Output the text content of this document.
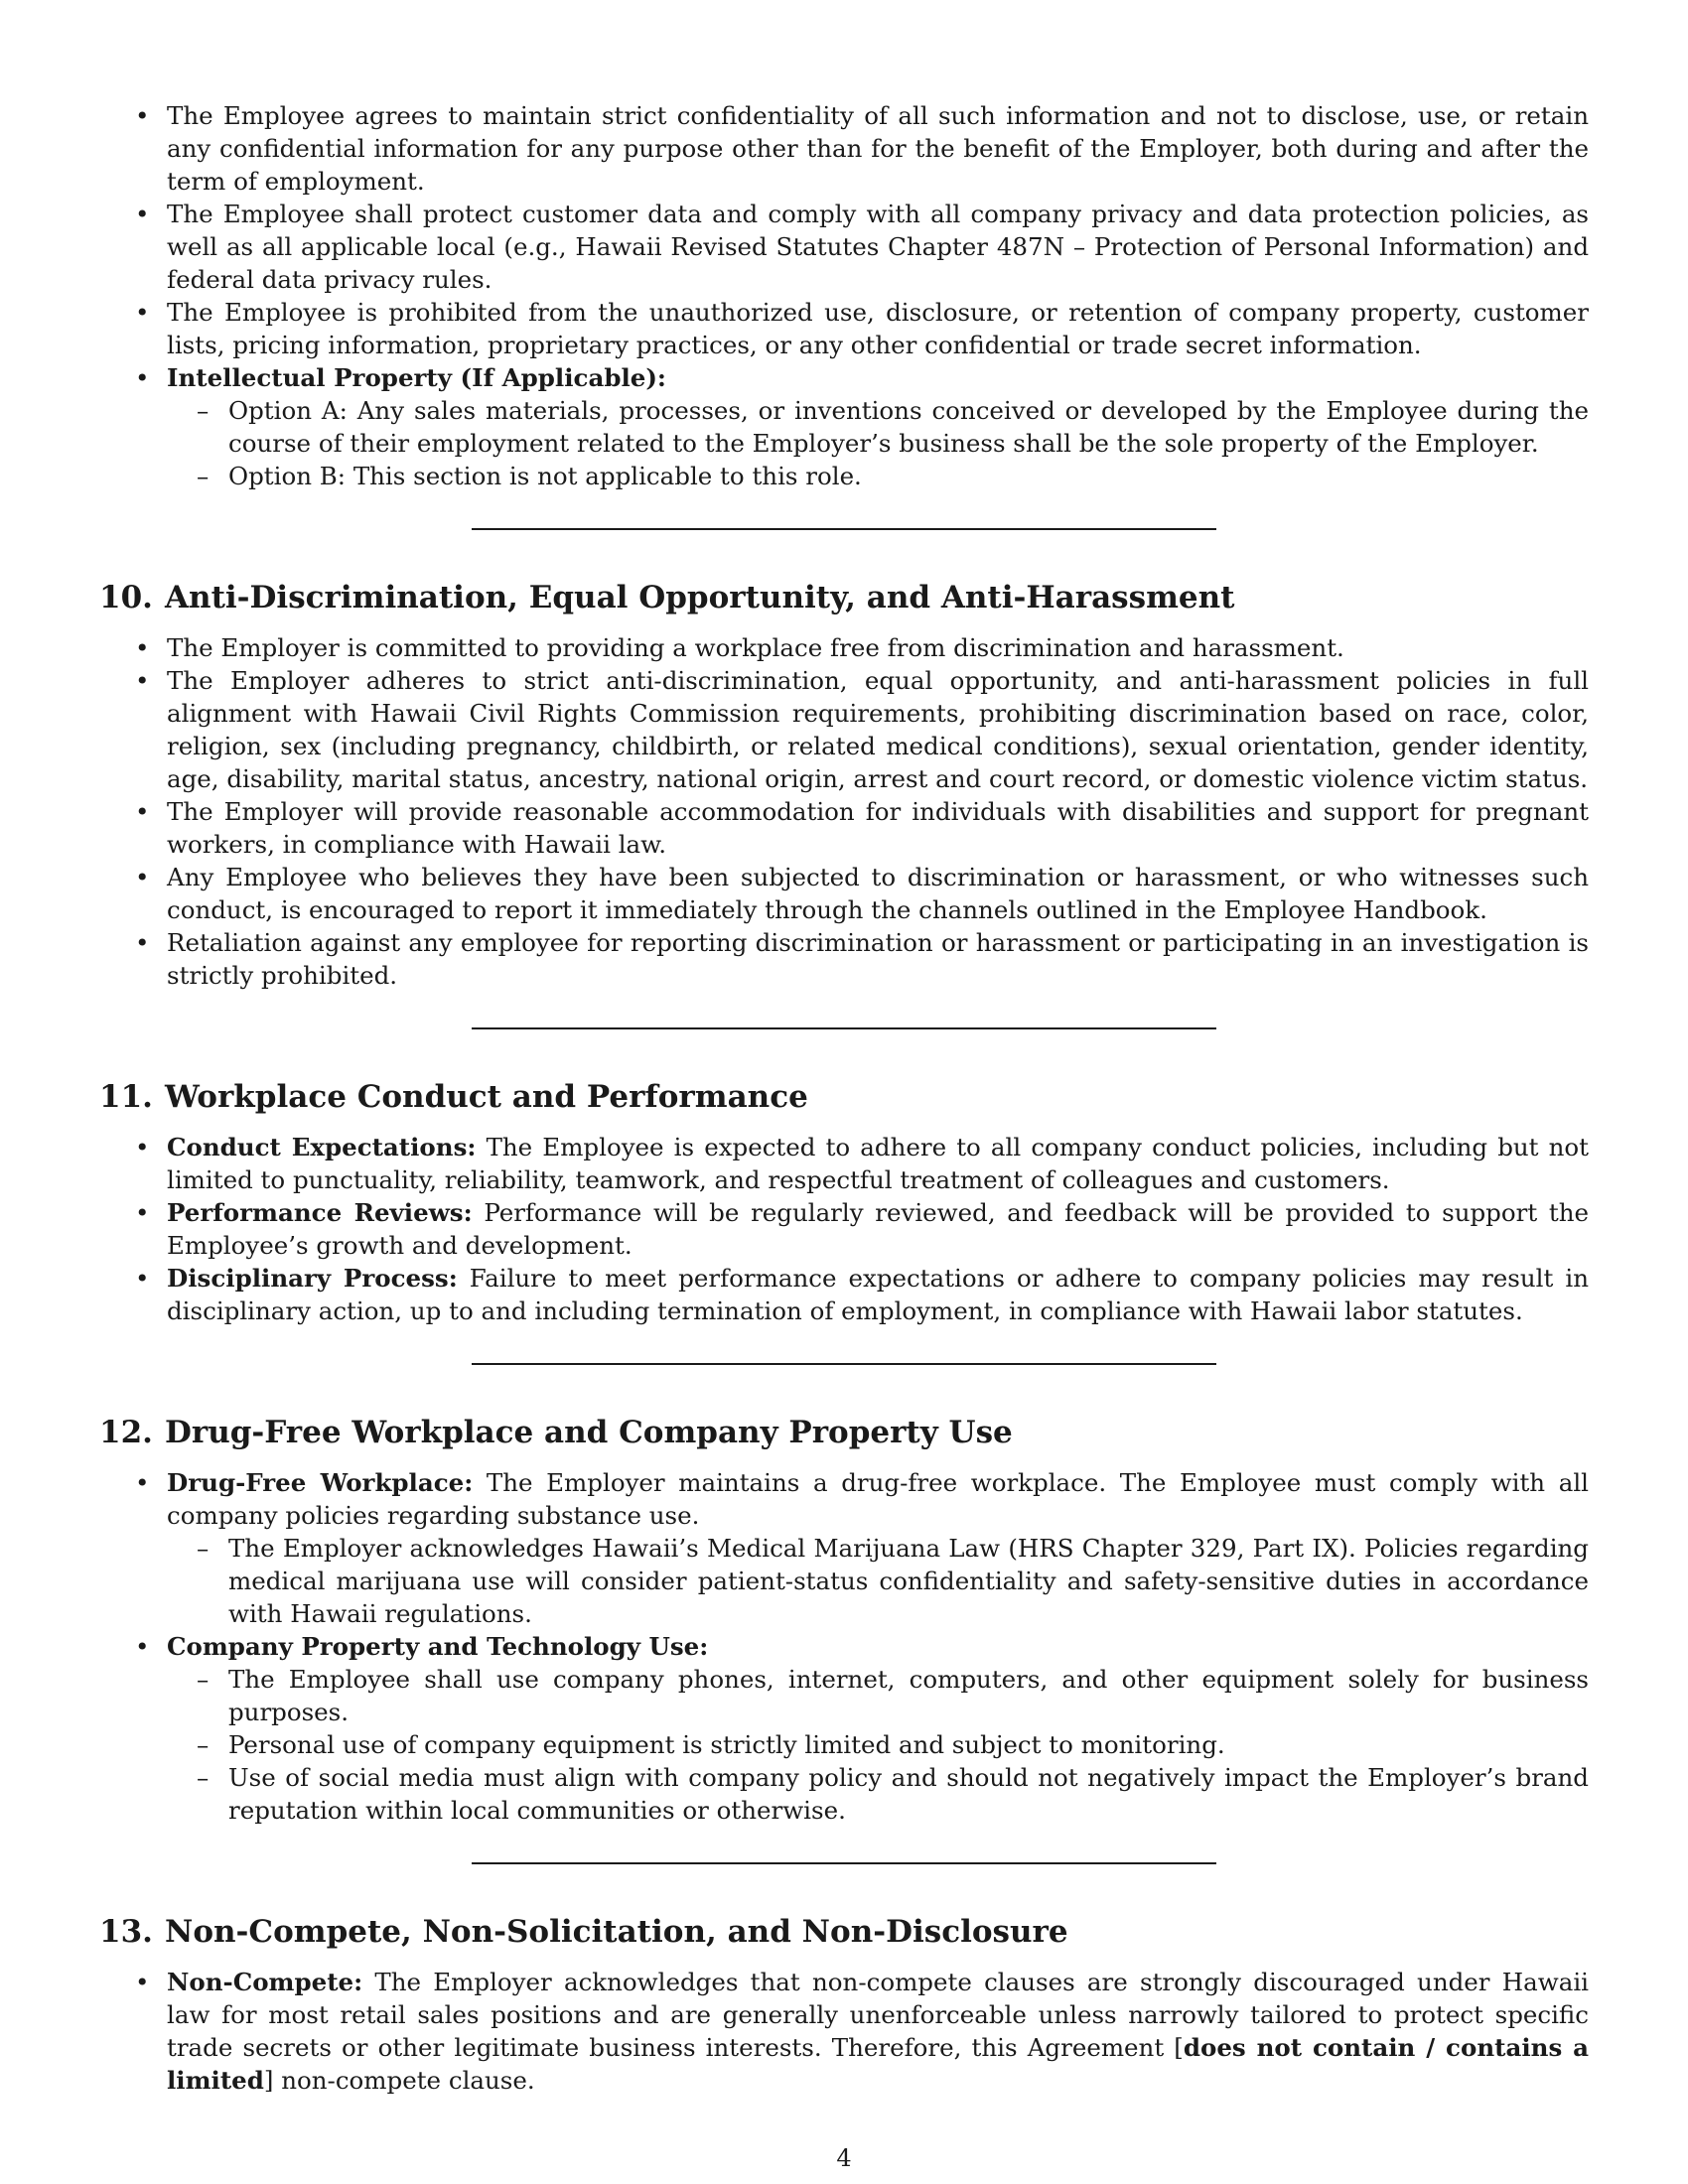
• The Employee agrees to maintain strict confidentiality of all such information and not to disclose, use, or retain any confidential information for any purpose other than for the benefit of the Employer, both during and after the term of employment.
• The Employee shall protect customer data and comply with all company privacy and data protection policies, as well as all applicable local (e.g., Hawaii Revised Statutes Chapter 487N – Protection of Personal Information) and federal data privacy rules.
• The Employee is prohibited from the unauthorized use, disclosure, or retention of company property, customer lists, pricing information, proprietary practices, or any other confidential or trade secret information.
• Intellectual Property (If Applicable):
– Option A: Any sales materials, processes, or inventions conceived or developed by the Employee during the course of their employment related to the Employer’s business shall be the sole property of the Employer.
– Option B: This section is not applicable to this role.
10. Anti-Discrimination, Equal Opportunity, and Anti-Harassment
• The Employer is committed to providing a workplace free from discrimination and harassment.
• The Employer adheres to strict anti-discrimination, equal opportunity, and anti-harassment policies in full alignment with Hawaii Civil Rights Commission requirements, prohibiting discrimination based on race, color, religion, sex (including pregnancy, childbirth, or related medical conditions), sexual orientation, gender identity, age, disability, marital status, ancestry, national origin, arrest and court record, or domestic violence victim status.
• The Employer will provide reasonable accommodation for individuals with disabilities and support for pregnant workers, in compliance with Hawaii law.
• Any Employee who believes they have been subjected to discrimination or harassment, or who witnesses such conduct, is encouraged to report it immediately through the channels outlined in the Employee Handbook.
• Retaliation against any employee for reporting discrimination or harassment or participating in an investigation is strictly prohibited.
11. Workplace Conduct and Performance
• Conduct Expectations: The Employee is expected to adhere to all company conduct policies, including but not limited to punctuality, reliability, teamwork, and respectful treatment of colleagues and customers.
• Performance Reviews: Performance will be regularly reviewed, and feedback will be provided to support the Employee’s growth and development.
• Disciplinary Process: Failure to meet performance expectations or adhere to company policies may result in disciplinary action, up to and including termination of employment, in compliance with Hawaii labor statutes.
12. Drug-Free Workplace and Company Property Use
• Drug-Free Workplace: The Employer maintains a drug-free workplace. The Employee must comply with all company policies regarding substance use.
– The Employer acknowledges Hawaii’s Medical Marijuana Law (HRS Chapter 329, Part IX). Policies regarding medical marijuana use will consider patient-status confidentiality and safety-sensitive duties in accordance with Hawaii regulations.
• Company Property and Technology Use:
– The Employee shall use company phones, internet, computers, and other equipment solely for business purposes.
– Personal use of company equipment is strictly limited and subject to monitoring.
– Use of social media must align with company policy and should not negatively impact the Employer’s brand reputation within local communities or otherwise.
13. Non-Compete, Non-Solicitation, and Non-Disclosure
• Non-Compete: The Employer acknowledges that non-compete clauses are strongly discouraged under Hawaii law for most retail sales positions and are generally unenforceable unless narrowly tailored to protect specific trade secrets or other legitimate business interests. Therefore, this Agreement [does not contain / contains a limited] non-compete clause.
4
